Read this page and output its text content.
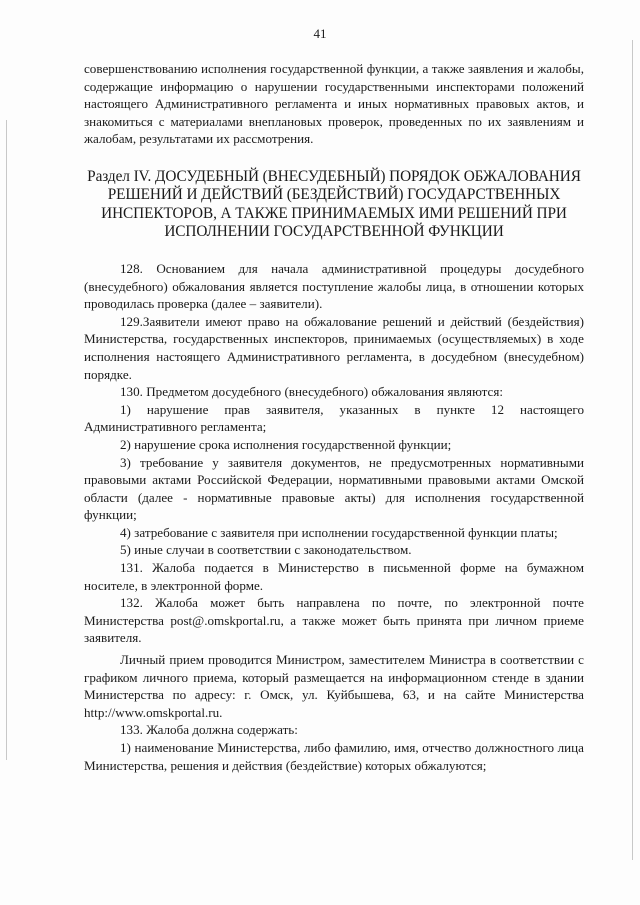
41

совершенствованию исполнения государственной функции, а также заявления и жалобы, содержащие информацию о нарушении государственными инспекторами положений настоящего Административного регламента и иных нормативных правовых актов, и знакомиться с материалами внеплановых проверок, проведенных по их заявлениям и жалобам, результатами их рассмотрения.

Раздел IV. ДОСУДЕБНЫЙ (ВНЕСУДЕБНЫЙ) ПОРЯДОК ОБЖАЛОВАНИЯ
РЕШЕНИЙ И ДЕЙСТВИЙ (БЕЗДЕЙСТВИЙ) ГОСУДАРСТВЕННЫХ
ИНСПЕКТОРОВ, А ТАКЖЕ ПРИНИМАЕМЫХ ИМИ РЕШЕНИЙ ПРИ
ИСПОЛНЕНИИ ГОСУДАРСТВЕННОЙ ФУНКЦИИ

128. Основанием для начала административной процедуры досудебного (внесудебного) обжалования является поступление жалобы лица, в отношении которых проводилась проверка (далее – заявители).

129.Заявители имеют право на обжалование решений и действий (бездействия) Министерства, государственных инспекторов, принимаемых (осуществляемых) в ходе исполнения настоящего Административного регламента, в досудебном (внесудебном) порядке.

130. Предметом досудебного (внесудебного) обжалования являются:

1) нарушение прав заявителя, указанных в пункте 12 настоящего Административного регламента;

2) нарушение срока исполнения государственной функции;

3) требование у заявителя документов, не предусмотренных нормативными правовыми актами Российской Федерации, нормативными правовыми актами Омской области (далее - нормативные правовые акты) для исполнения государственной функции;

4) затребование с заявителя при исполнении государственной функции платы;

5) иные случаи в соответствии с законодательством.

131. Жалоба подается в Министерство в письменной форме на бумажном носителе, в электронной форме.

132. Жалоба может быть направлена по почте, по электронной почте Министерства post@.omskportal.ru, а также может быть принята при личном приеме заявителя.

Личный прием проводится Министром, заместителем Министра в соответствии с графиком личного приема, который размещается на информационном стенде в здании Министерства по адресу: г. Омск, ул. Куйбышева, 63, и на сайте Министерства http://www.omskportal.ru.

133. Жалоба должна содержать:

1) наименование Министерства, либо фамилию, имя, отчество должностного лица Министерства, решения и действия (бездействие) которых обжалуются;
